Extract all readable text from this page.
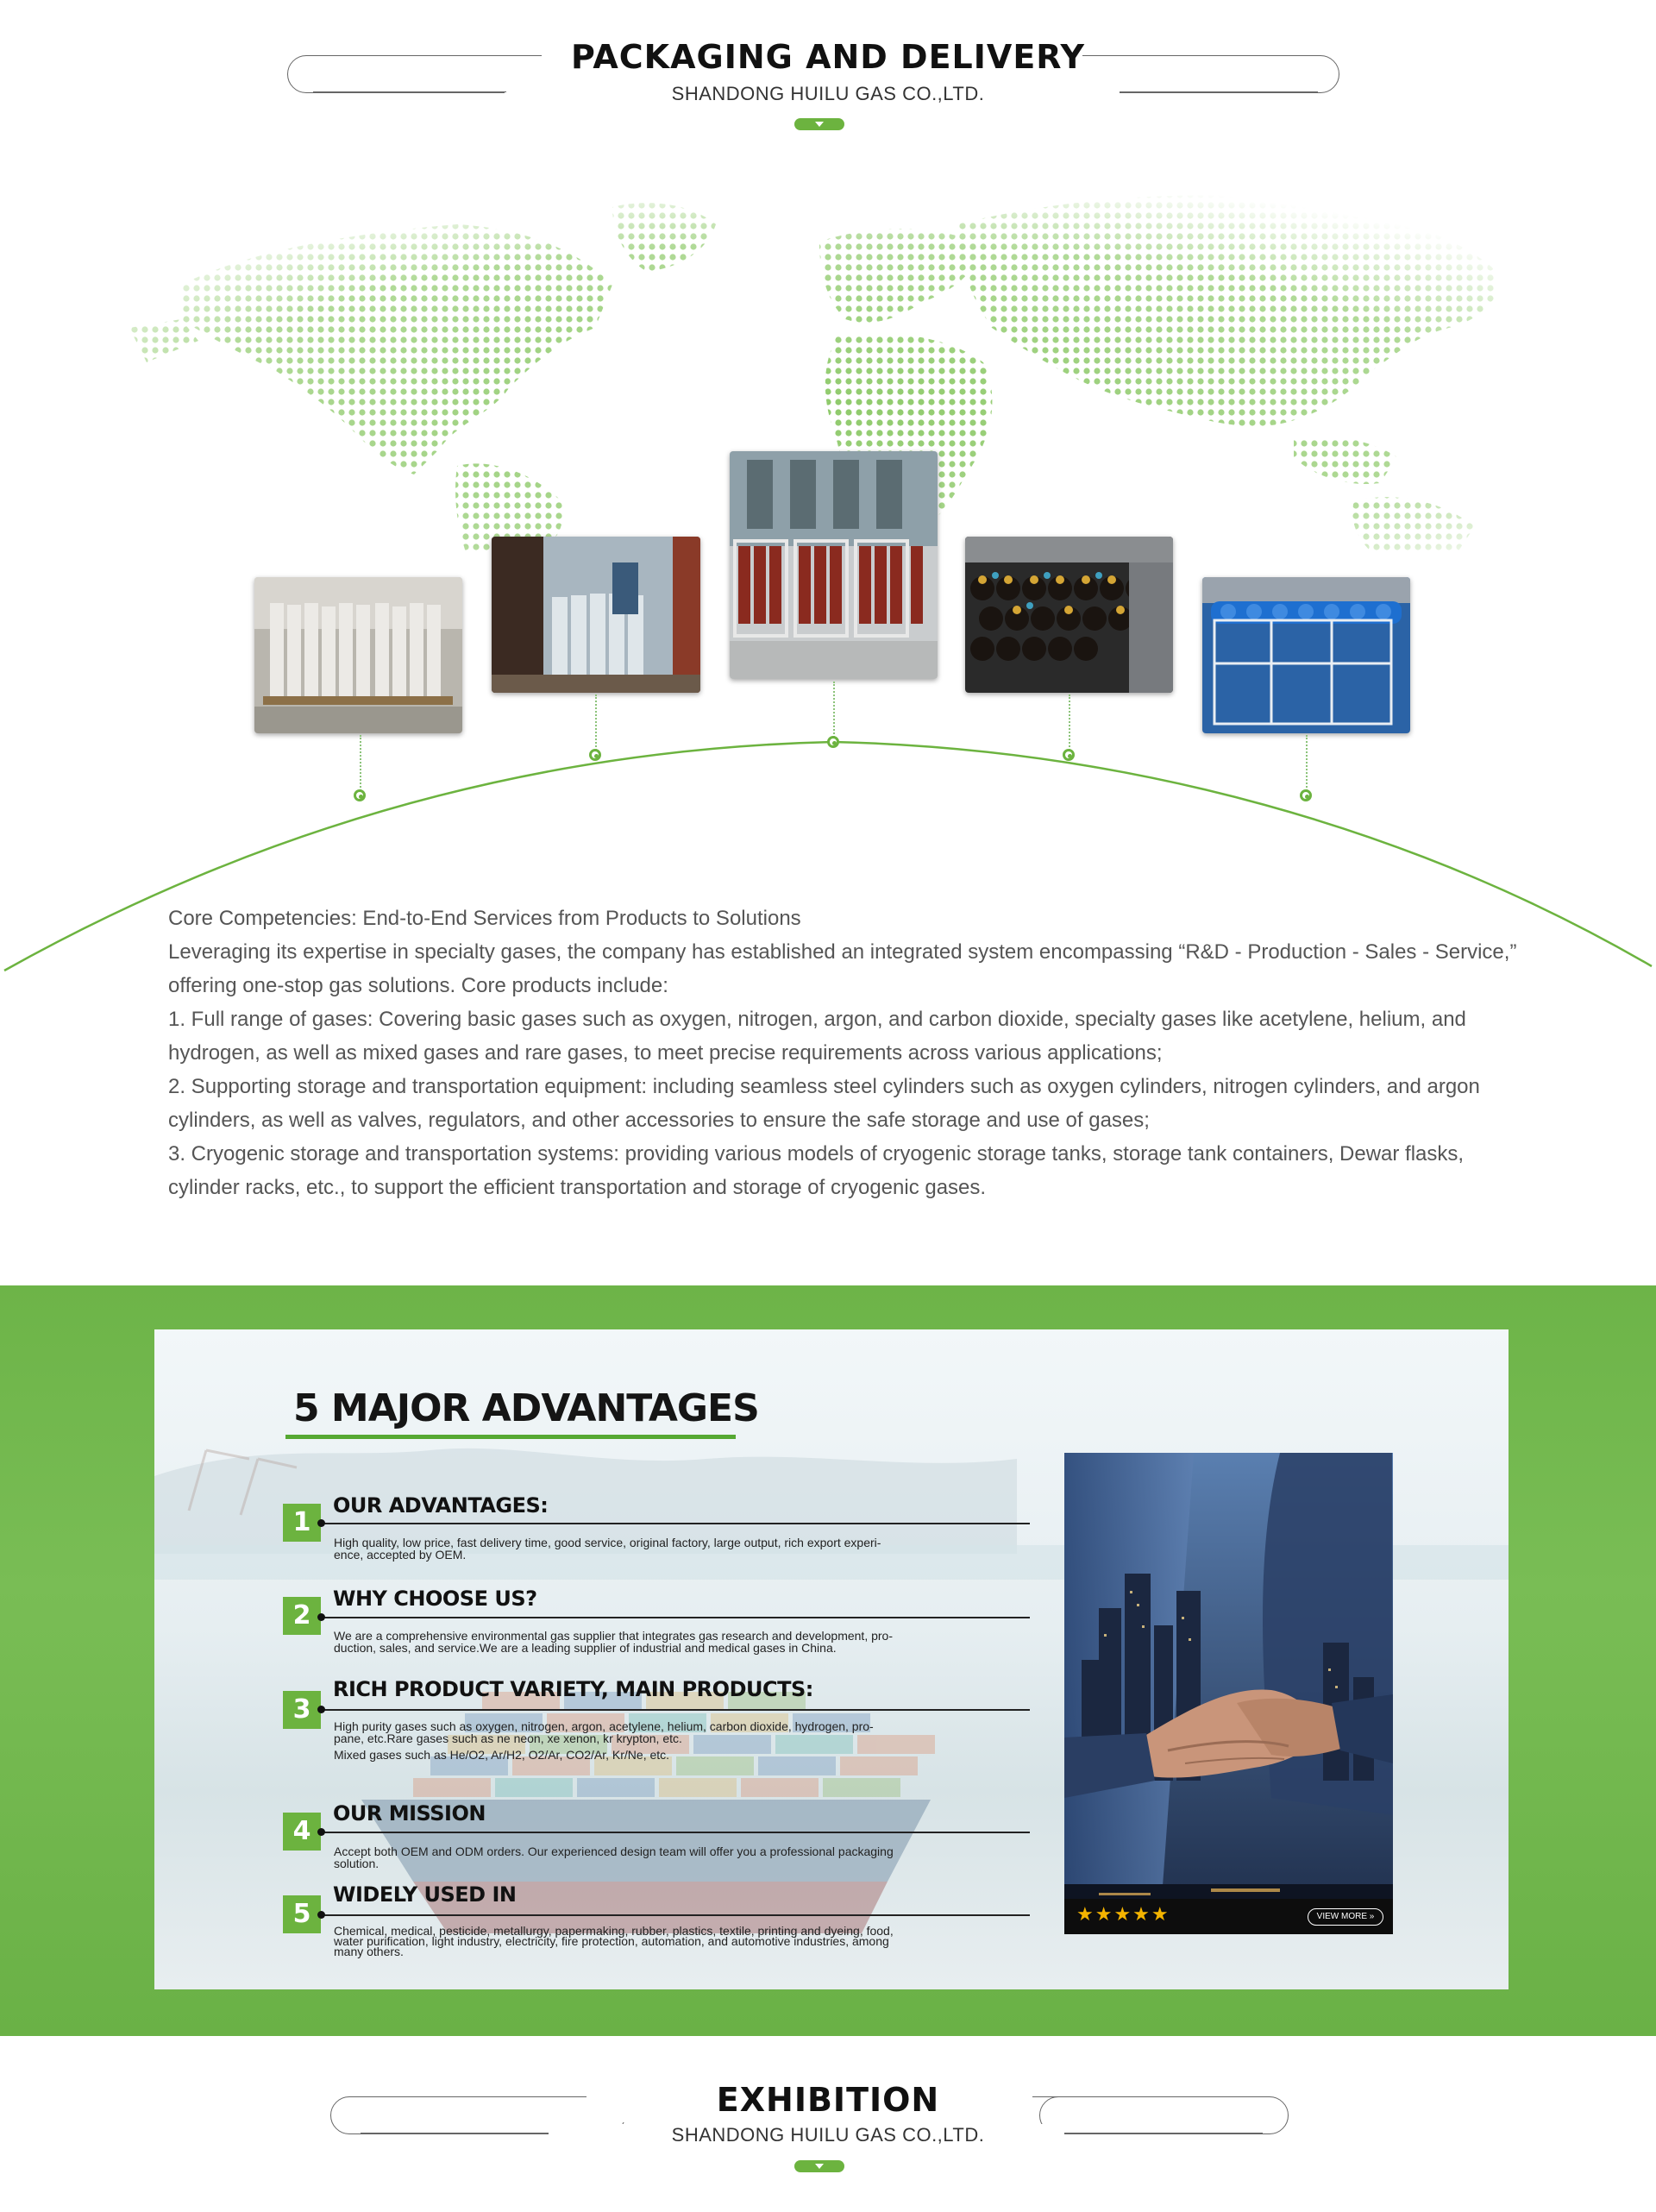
PACKAGING AND DELIVERY
SHANDONG HUILU GAS CO.,LTD.

Core Competencies: End-to-End Services from Products to Solutions

Leveraging its expertise in specialty gases, the company has established an integrated system encompassing “R&D - Production - Sales - Service,” offering one-stop gas solutions. Core products include:

1. Full range of gases: Covering basic gases such as oxygen, nitrogen, argon, and carbon dioxide, specialty gases like acetylene, helium, and hydrogen, as well as mixed gases and rare gases, to meet precise requirements across various applications;

2. Supporting storage and transportation equipment: including seamless steel cylinders such as oxygen cylinders, nitrogen cylinders, and argon cylinders, as well as valves, regulators, and other accessories to ensure the safe storage and use of gases;

3. Cryogenic storage and transportation systems: providing various models of cryogenic storage tanks, storage tank containers, Dewar flasks, cylinder racks, etc., to support the efficient transportation and storage of cryogenic gases.

5 MAJOR ADVANTAGES
1
OUR ADVANTAGES:

High quality, low price, fast delivery time, good service, original factory, large output, rich export experi-

ence, accepted by OEM.

2
WHY CHOOSE US?

We are a comprehensive environmental gas supplier that integrates gas research and development, pro-

duction, sales, and service.We are a leading supplier of industrial and medical gases in China.

3
RICH PRODUCT VARIETY, MAIN PRODUCTS:

High purity gases such as oxygen, nitrogen, argon, acetylene, helium, carbon dioxide, hydrogen, pro-

pane, etc.Rare gases such as ne neon, xe xenon, kr krypton, etc.

Mixed gases such as He/O2, Ar/H2, O2/Ar, CO2/Ar, Kr/Ne, etc.

4
OUR MISSION

Accept both OEM and ODM orders. Our experienced design team will offer you a professional packaging

solution.

5
WIDELY USED IN

Chemical, medical, pesticide, metallurgy, papermaking, rubber, plastics, textile, printing and dyeing, food,

water purification, light industry, electricity, fire protection, automation, and automotive industries, among

many others.

★★★★★	VIEW MORE »
EXHIBITION
SHANDONG HUILU GAS CO.,LTD.
